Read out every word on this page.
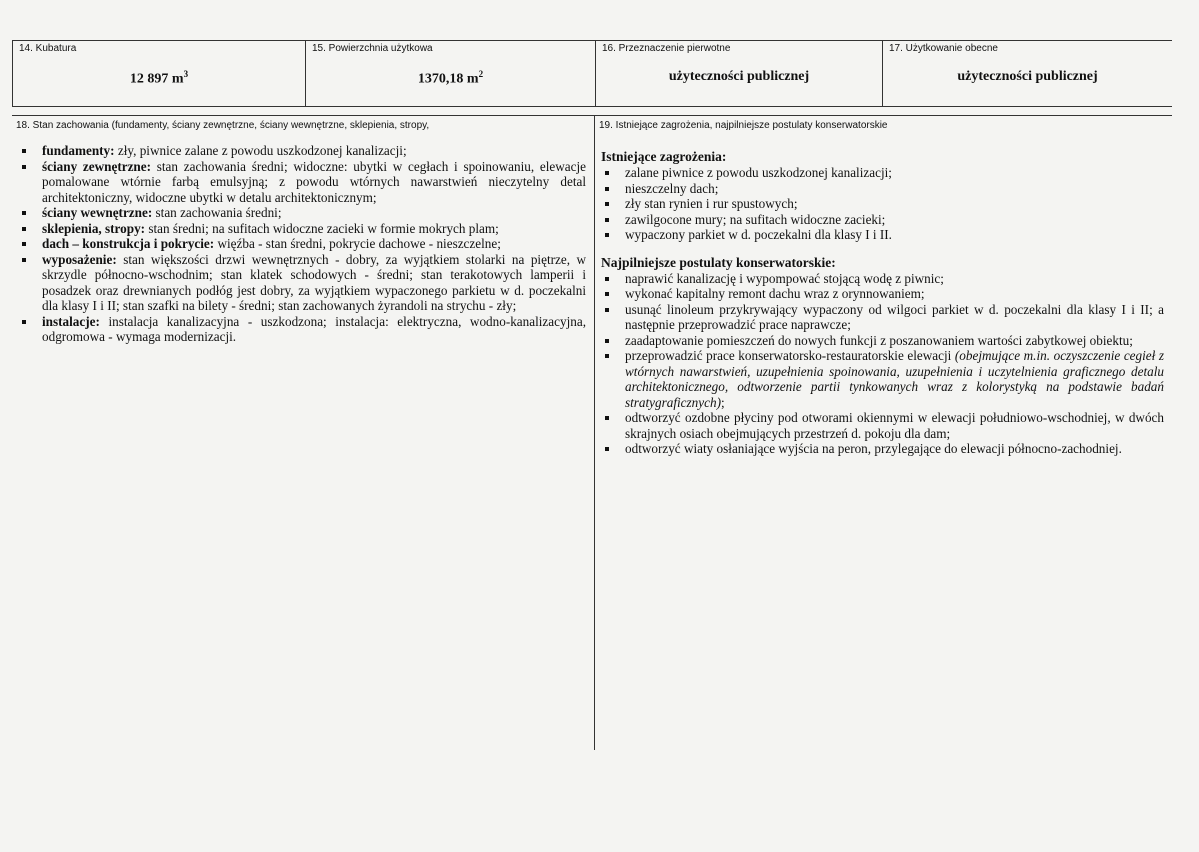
14. Kubatura
12 897 $m^3$
15. Powierzchnia użytkowa
1370,18 $m^2$
16. Przeznaczenie pierwotne
użyteczności publicznej
17. Użytkowanie obecne
użyteczności publicznej
18. Stan zachowania (fundamenty, ściany zewnętrzne, ściany wewnętrzne, sklepienia, stropy,
fundamenty: zły, piwnice zalane z powodu uszkodzonej kanalizacji;
ściany zewnętrzne: stan zachowania średni; widoczne: ubytki w cegłach i spoinowaniu, elewacje pomalowane wtórnie farbą emulsyjną; z powodu wtórnych nawarstwień nieczytelny detal architektoniczny, widoczne ubytki w detalu architektonicznym;
ściany wewnętrzne: stan zachowania średni;
sklepienia, stropy: stan średni; na sufitach widoczne zacieki w formie mokrych plam;
dach – konstrukcja i pokrycie: więźba - stan średni, pokrycie dachowe - nieszczelne;
wyposażenie: stan większości drzwi wewnętrznych - dobry, za wyjątkiem stolarki na piętrze, w skrzydle północno-wschodnim; stan klatek schodowych - średni; stan terakotowych lamperii i posadzek oraz drewnianych podłóg jest dobry, za wyjątkiem wypaczonego parkietu w d. poczekalni dla klasy I i II; stan szafki na bilety - średni; stan zachowanych żyrandoli na strychu - zły;
instalacje: instalacja kanalizacyjna - uszkodzona; instalacja: elektryczna, wodno-kanalizacyjna, odgromowa - wymaga modernizacji.
19. Istniejące zagrożenia, najpilniejsze postulaty konserwatorskie
Istniejące zagrożenia:
zalane piwnice z powodu uszkodzonej kanalizacji;
nieszczelny dach;
zły stan rynien i rur spustowych;
zawilgocone mury; na sufitach widoczne zacieki;
wypaczony parkiet w d. poczekalni dla klasy I i II.
Najpilniejsze postulaty konserwatorskie:
naprawić kanalizację i wypompować stojącą wodę z piwnic;
wykonać kapitalny remont dachu wraz z orynnowaniem;
usunąć linoleum przykrywający wypaczony od wilgoci parkiet w d. poczekalni dla klasy I i II; a następnie przeprowadzić prace naprawcze;
zaadaptowanie pomieszczeń do nowych funkcji z poszanowaniem wartości zabytkowej obiektu;
przeprowadzić prace konserwatorsko-restauratorskie elewacji (obejmujące m.in. oczyszczenie cegieł z wtórnych nawarstwień, uzupełnienia spoinowania, uzupełnienia i uczytelnienia graficznego detalu architektonicznego, odtworzenie partii tynkowanych wraz z kolorystyką na podstawie badań stratygraficznych);
odtworzyć ozdobne płyciny pod otworami okiennymi w elewacji południowo-wschodniej, w dwóch skrajnych osiach obejmujących przestrzeń d. pokoju dla dam;
odtworzyć wiaty osłaniające wyjścia na peron, przylegające do elewacji północno-zachodniej.
